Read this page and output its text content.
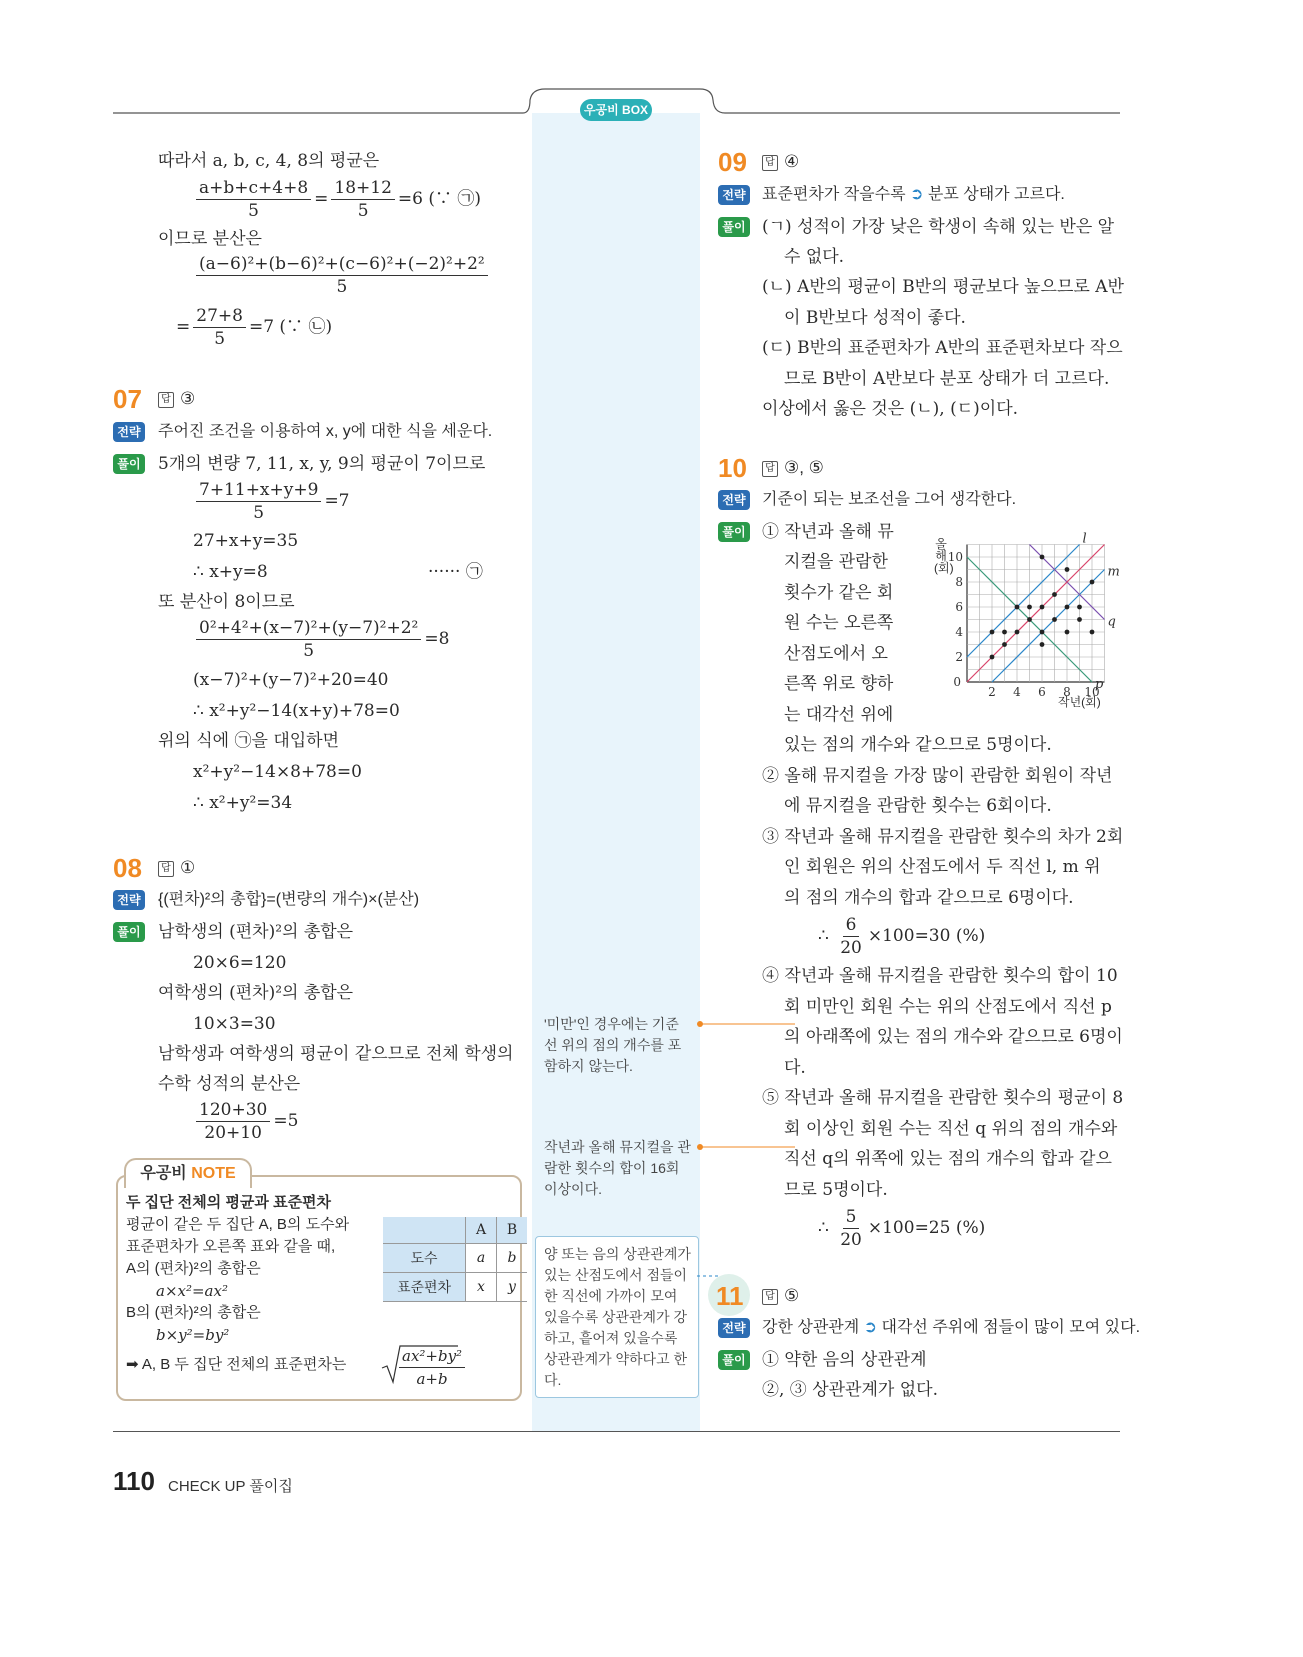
우공비 BOX
따라서 a, b, c, 4, 8의 평균은
$\frac{a+b+c+4+8}{5} = \frac{18+12}{5} =6$ (∵ ㉠)
이므로 분산은
$\frac{\text{(a−6)²+(b−6)²+(c−6)²+(−2)²+2²}}{5}$
= $\frac{27+8}{5} =7$ (∵ ㉡)
07	답 ③
전략 주어진 조건을 이용하여 x, y에 대한 식을 세운다.
풀이 5개의 변량 7, 11, x, y, 9의 평균이 7이므로
$\frac{7+11+x+y+9}{5} =7$
27+x+y=35
∴ x+y=8	······ ㉠
또 분산이 8이므로
$\frac{\text{0²+4²+(x−7)²+(y−7)²+2²}}{5} =8$
(x−7)²+(y−7)²+20=40
∴ x²+y²−14(x+y)+78=0
위의 식에 ㉠을 대입하면
x²+y²−14×8+78=0
∴ x²+y²=34
08	답 ①
전략 {(편차)²의 총합}=(변량의 개수)×(분산)
풀이 남학생의 (편차)²의 총합은
20×6=120
여학생의 (편차)²의 총합은
10×3=30
남학생과 여학생의 평균이 같으므로 전체 학생의
수학 성적의 분산은
$\frac{120+30}{20+10} =5$
우공비 NOTE
두 집단 전체의 평균과 표준편차
평균이 같은 두 집단 A, B의 도수와
표준편차가 오른쪽 표와 같을 때,
A의 (편차)²의 총합은
a×x²=ax²
B의 (편차)²의 총합은
b×y²=by²
➡ A, B 두 집단 전체의 표준편차는	$\frac{\text{ax²+by²}}{a+b}$
	A	B
도수	a	b
표준편차	x	y
'미만'인 경우에는 기준 선 위의 점의 개수를 포함하지 않는다.
작년과 올해 뮤지컬을 관람한 횟수의 합이 16회 이상이다.
양 또는 음의 상관관계가 있는 산점도에서 점들이 한 직선에 가까이 모여 있을수록 상관관계가 강하고, 흩어져 있을수록 상관관계가 약하다고 한다.
09	답 ④
전략 표준편차가 작을수록 ➲ 분포 상태가 고르다.
풀이 (ㄱ) 성적이 가장 낮은 학생이 속해 있는 반은 알
수 없다.
(ㄴ) A반의 평균이 B반의 평균보다 높으므로 A반
이 B반보다 성적이 좋다.
(ㄷ) B반의 표준편차가 A반의 표준편차보다 작으
므로 B반이 A반보다 분포 상태가 더 고르다.
이상에서 옳은 것은 (ㄴ), (ㄷ)이다.
10	답 ③, ⑤
전략 기준이 되는 보조선을 그어 생각한다.
풀이 ① 작년과 올해 뮤
지컬을 관람한
횟수가 같은 회
원 수는 오른쪽
산점도에서 오
른쪽 위로 향하
는 대각선 위에
있는 점의 개수와 같으므로 5명이다.
l
m
p
q
2 4 6 8 10
2
4
6
8
10
0
올해(회)
작년(회)
② 올해 뮤지컬을 가장 많이 관람한 회원이 작년
에 뮤지컬을 관람한 횟수는 6회이다.
③ 작년과 올해 뮤지컬을 관람한 횟수의 차가 2회
인 회원은 위의 산점도에서 두 직선 l, m 위
의 점의 개수의 합과 같으므로 6명이다.
∴ $\frac{6}{20} \times 100=30$ (%)
④ 작년과 올해 뮤지컬을 관람한 횟수의 합이 10
회 미만인 회원 수는 위의 산점도에서 직선 p
의 아래쪽에 있는 점의 개수와 같으므로 6명이
다.
⑤ 작년과 올해 뮤지컬을 관람한 횟수의 평균이 8
회 이상인 회원 수는 직선 q 위의 점의 개수와
직선 q의 위쪽에 있는 점의 개수의 합과 같으
므로 5명이다.
∴ $\frac{5}{20} \times 100=25$ (%)
11	답 ⑤
전략 강한 상관관계 ➲ 대각선 주위에 점들이 많이 모여 있다.
풀이 ① 약한 음의 상관관계
②, ③ 상관관계가 없다.
110 CHECK UP 풀이집
